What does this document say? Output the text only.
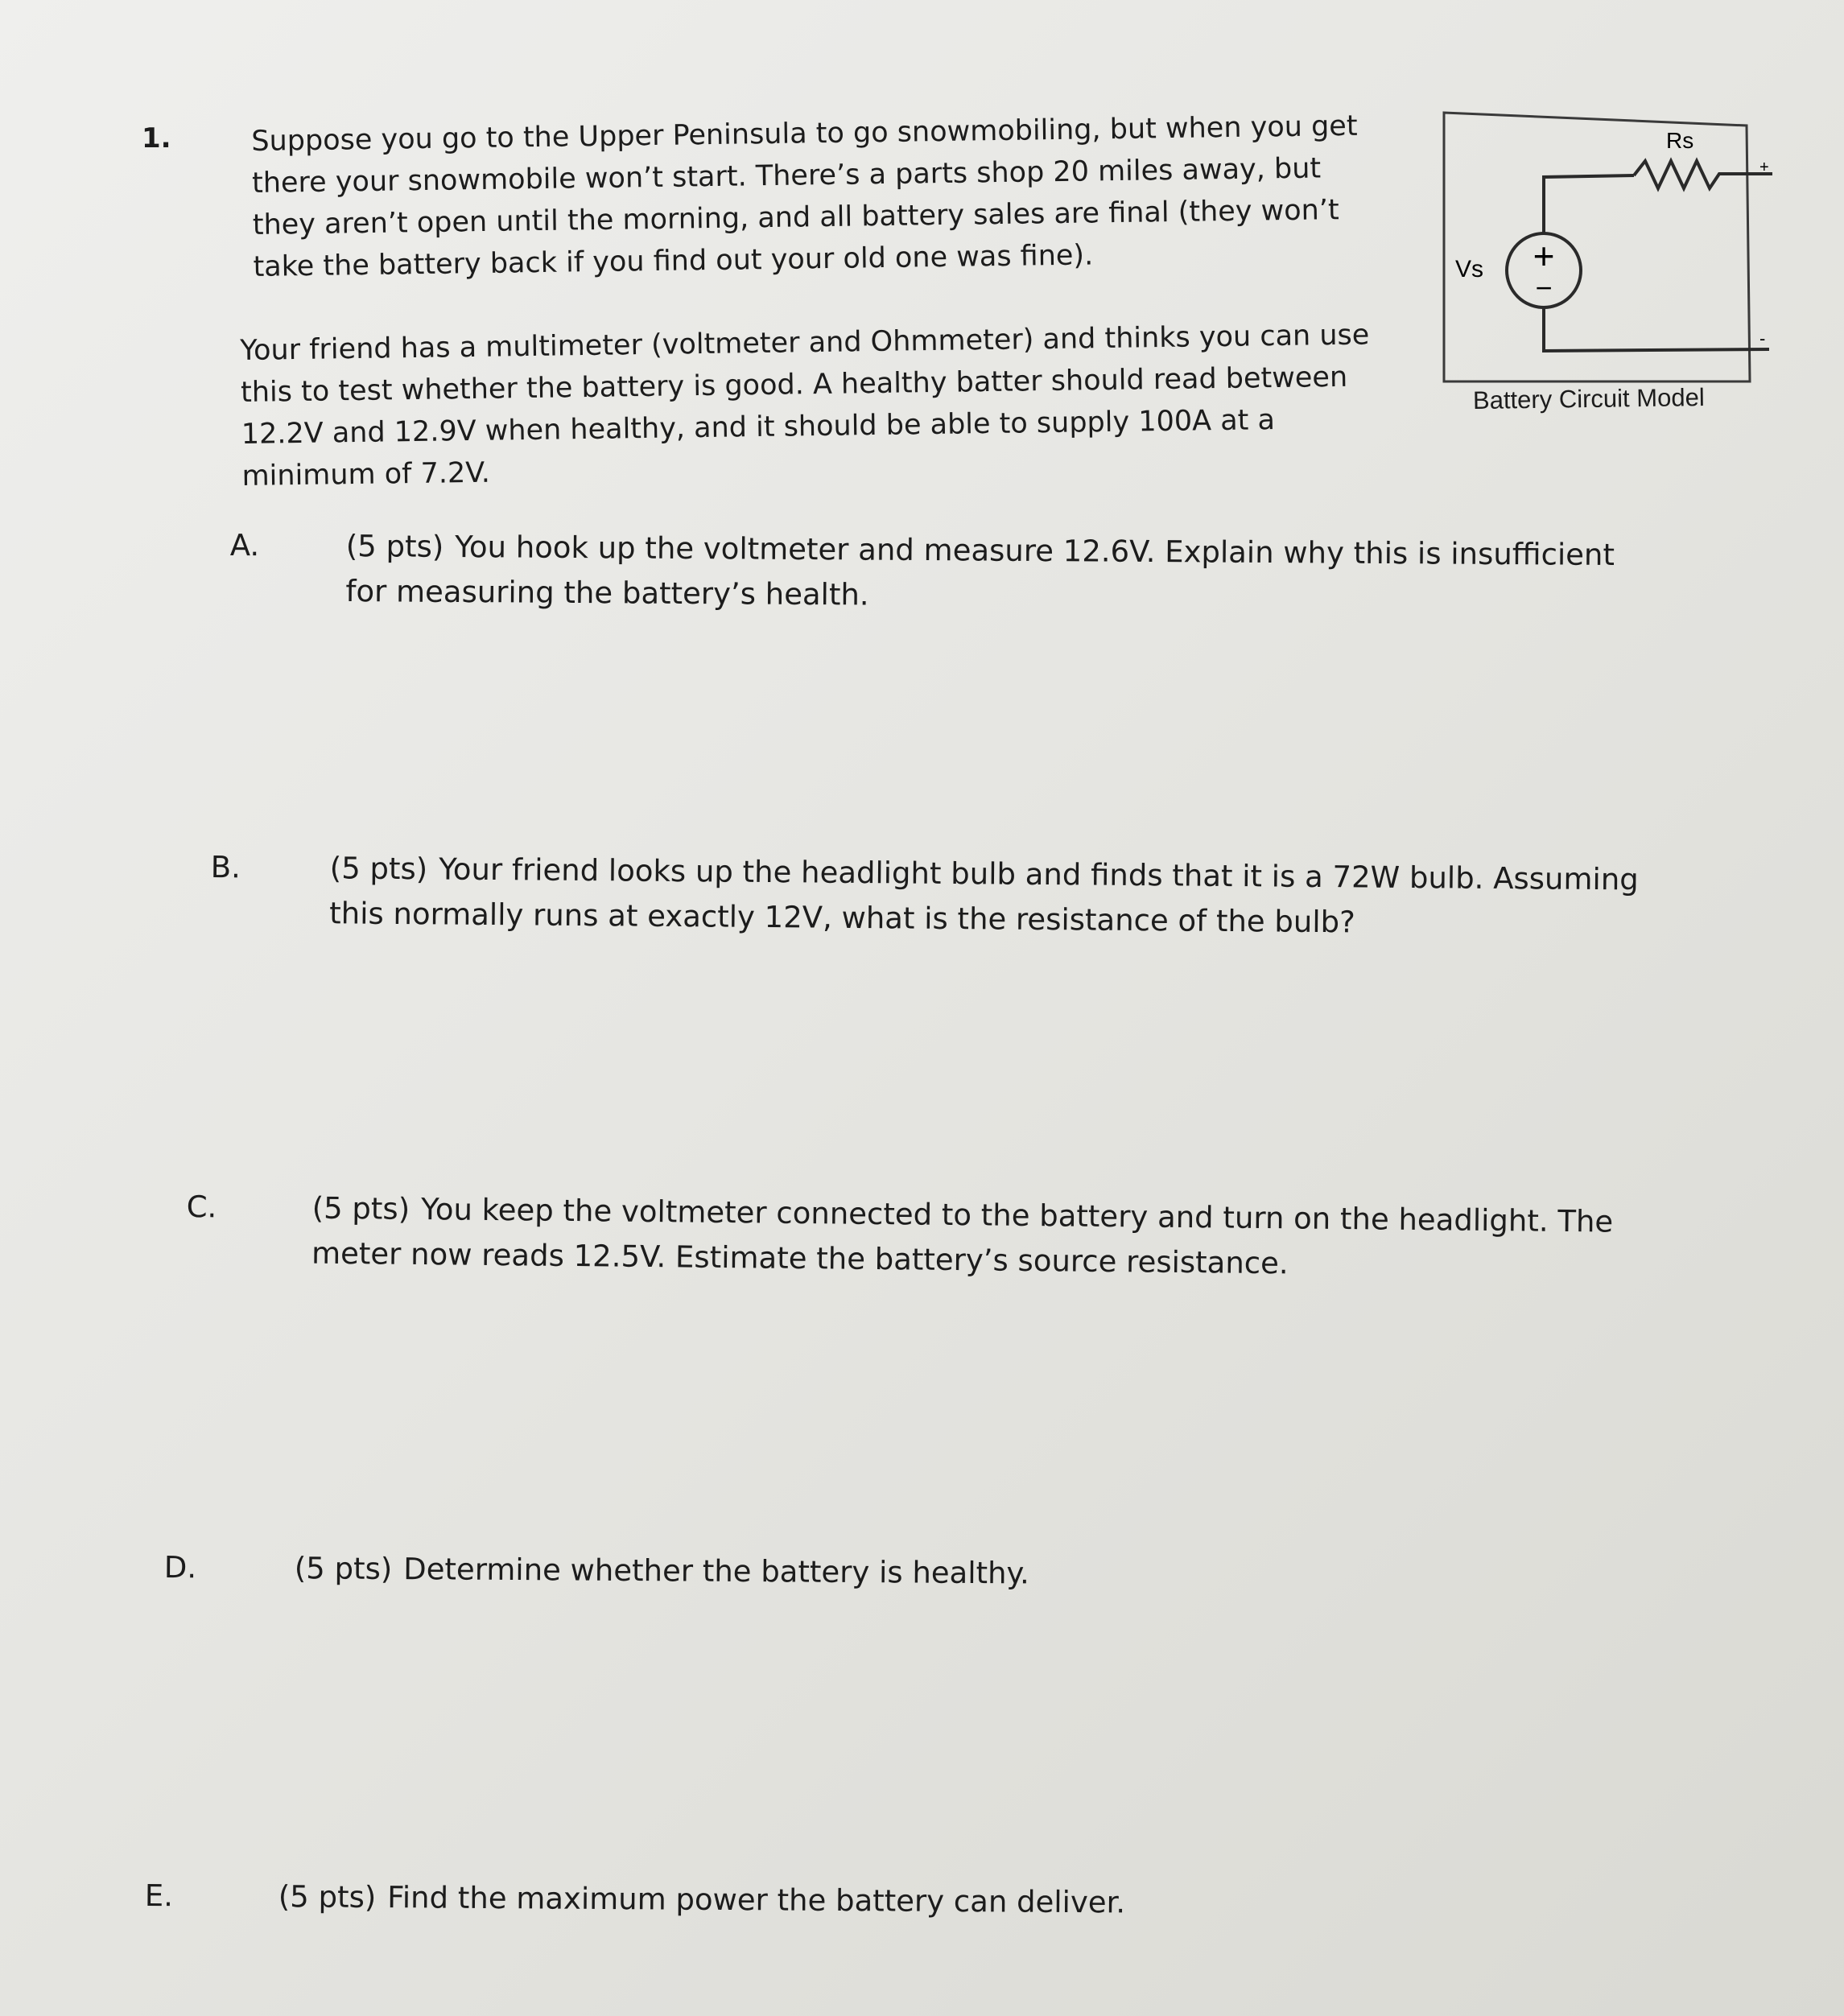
1.	Suppose you go to the Upper Peninsula to go snowmobiling, but when you get
there your snowmobile won’t start. There’s a parts shop 20 miles away, but
they aren’t open until the morning, and all battery sales are final (they won’t
take the battery back if you find out your old one was fine).
Your friend has a multimeter (voltmeter and Ohmmeter) and thinks you can use
this to test whether the battery is good. A healthy batter should read between
12.2V and 12.9V when healthy, and it should be able to supply 100A at a
minimum of 7.2V.
+
−
Vs
Rs
+
-
Battery Circuit Model
A.	(5 pts) You hook up the voltmeter and measure 12.6V. Explain why this is insufficient
for measuring the battery’s health.
B.	(5 pts) Your friend looks up the headlight bulb and finds that it is a 72W bulb. Assuming
this normally runs at exactly 12V, what is the resistance of the bulb?
C.	(5 pts) You keep the voltmeter connected to the battery and turn on the headlight. The
meter now reads 12.5V. Estimate the battery’s source resistance.
D.	(5 pts) Determine whether the battery is healthy.
E.	(5 pts) Find the maximum power the battery can deliver.
